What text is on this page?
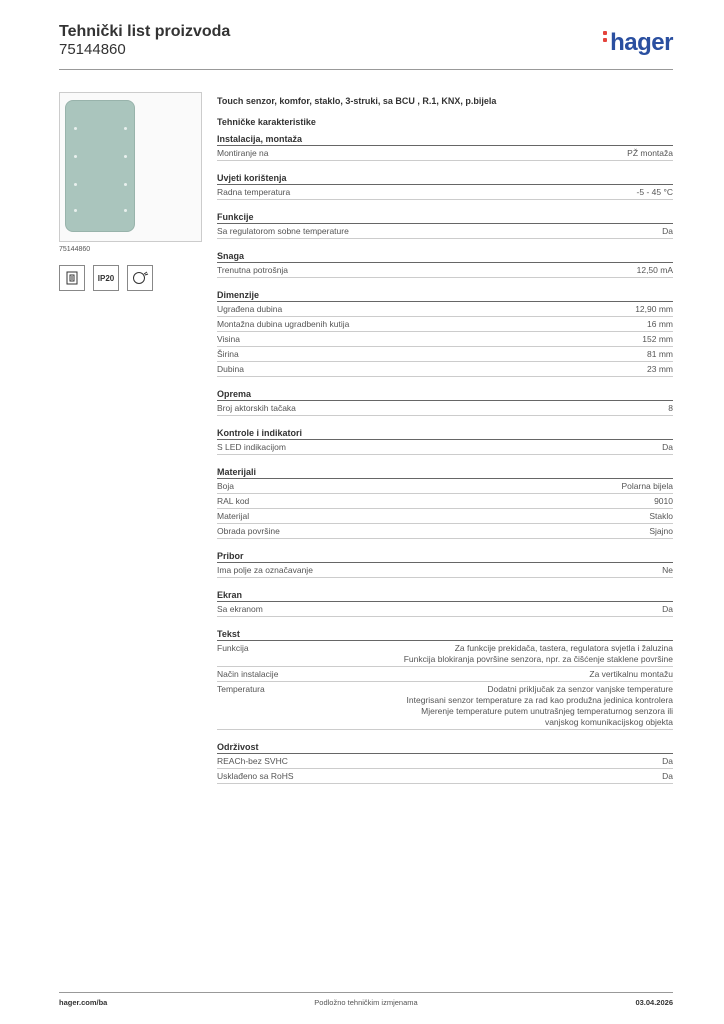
Tehnički list proizvoda
75144860	hager
75144860
IP20
Touch senzor, komfor, staklo, 3-struki, sa BCU , R.1, KNX, p.bijela
Tehničke karakteristike
Instalacija, montaža
Montiranje na	PŽ montaža
Uvjeti korištenja
Radna temperatura	-5 - 45 °C
Funkcije
Sa regulatorom sobne temperature	Da
Snaga
Trenutna potrošnja	12,50 mA
Dimenzije
Ugrađena dubina	12,90 mm
Montažna dubina ugradbenih kutija	16 mm
Visina	152 mm
Širina	81 mm
Dubina	23 mm
Oprema
Broj aktorskih tačaka	8
Kontrole i indikatori
S LED indikacijom	Da
Materijali
Boja	Polarna bijela
RAL kod	9010
Materijal	Staklo
Obrada površine	Sjajno
Pribor
Ima polje za označavanje	Ne
Ekran
Sa ekranom	Da
Tekst
Funkcija	Za funkcije prekidača, tastera, regulatora svjetla i žaluzina
Funkcija blokiranja površine senzora, npr. za čišćenje staklene površine
Način instalacije	Za vertikalnu montažu
Temperatura	Dodatni priključak za senzor vanjske temperature
Integrisani senzor temperature za rad kao produžna jedinica kontrolera
Mjerenje temperature putem unutrašnjeg temperaturnog senzora ili
vanjskog komunikacijskog objekta
Održivost
REACh-bez SVHC	Da
Usklađeno sa RoHS	Da
Podložno tehničkim izmjenama
hager.com/ba	03.04.2026
